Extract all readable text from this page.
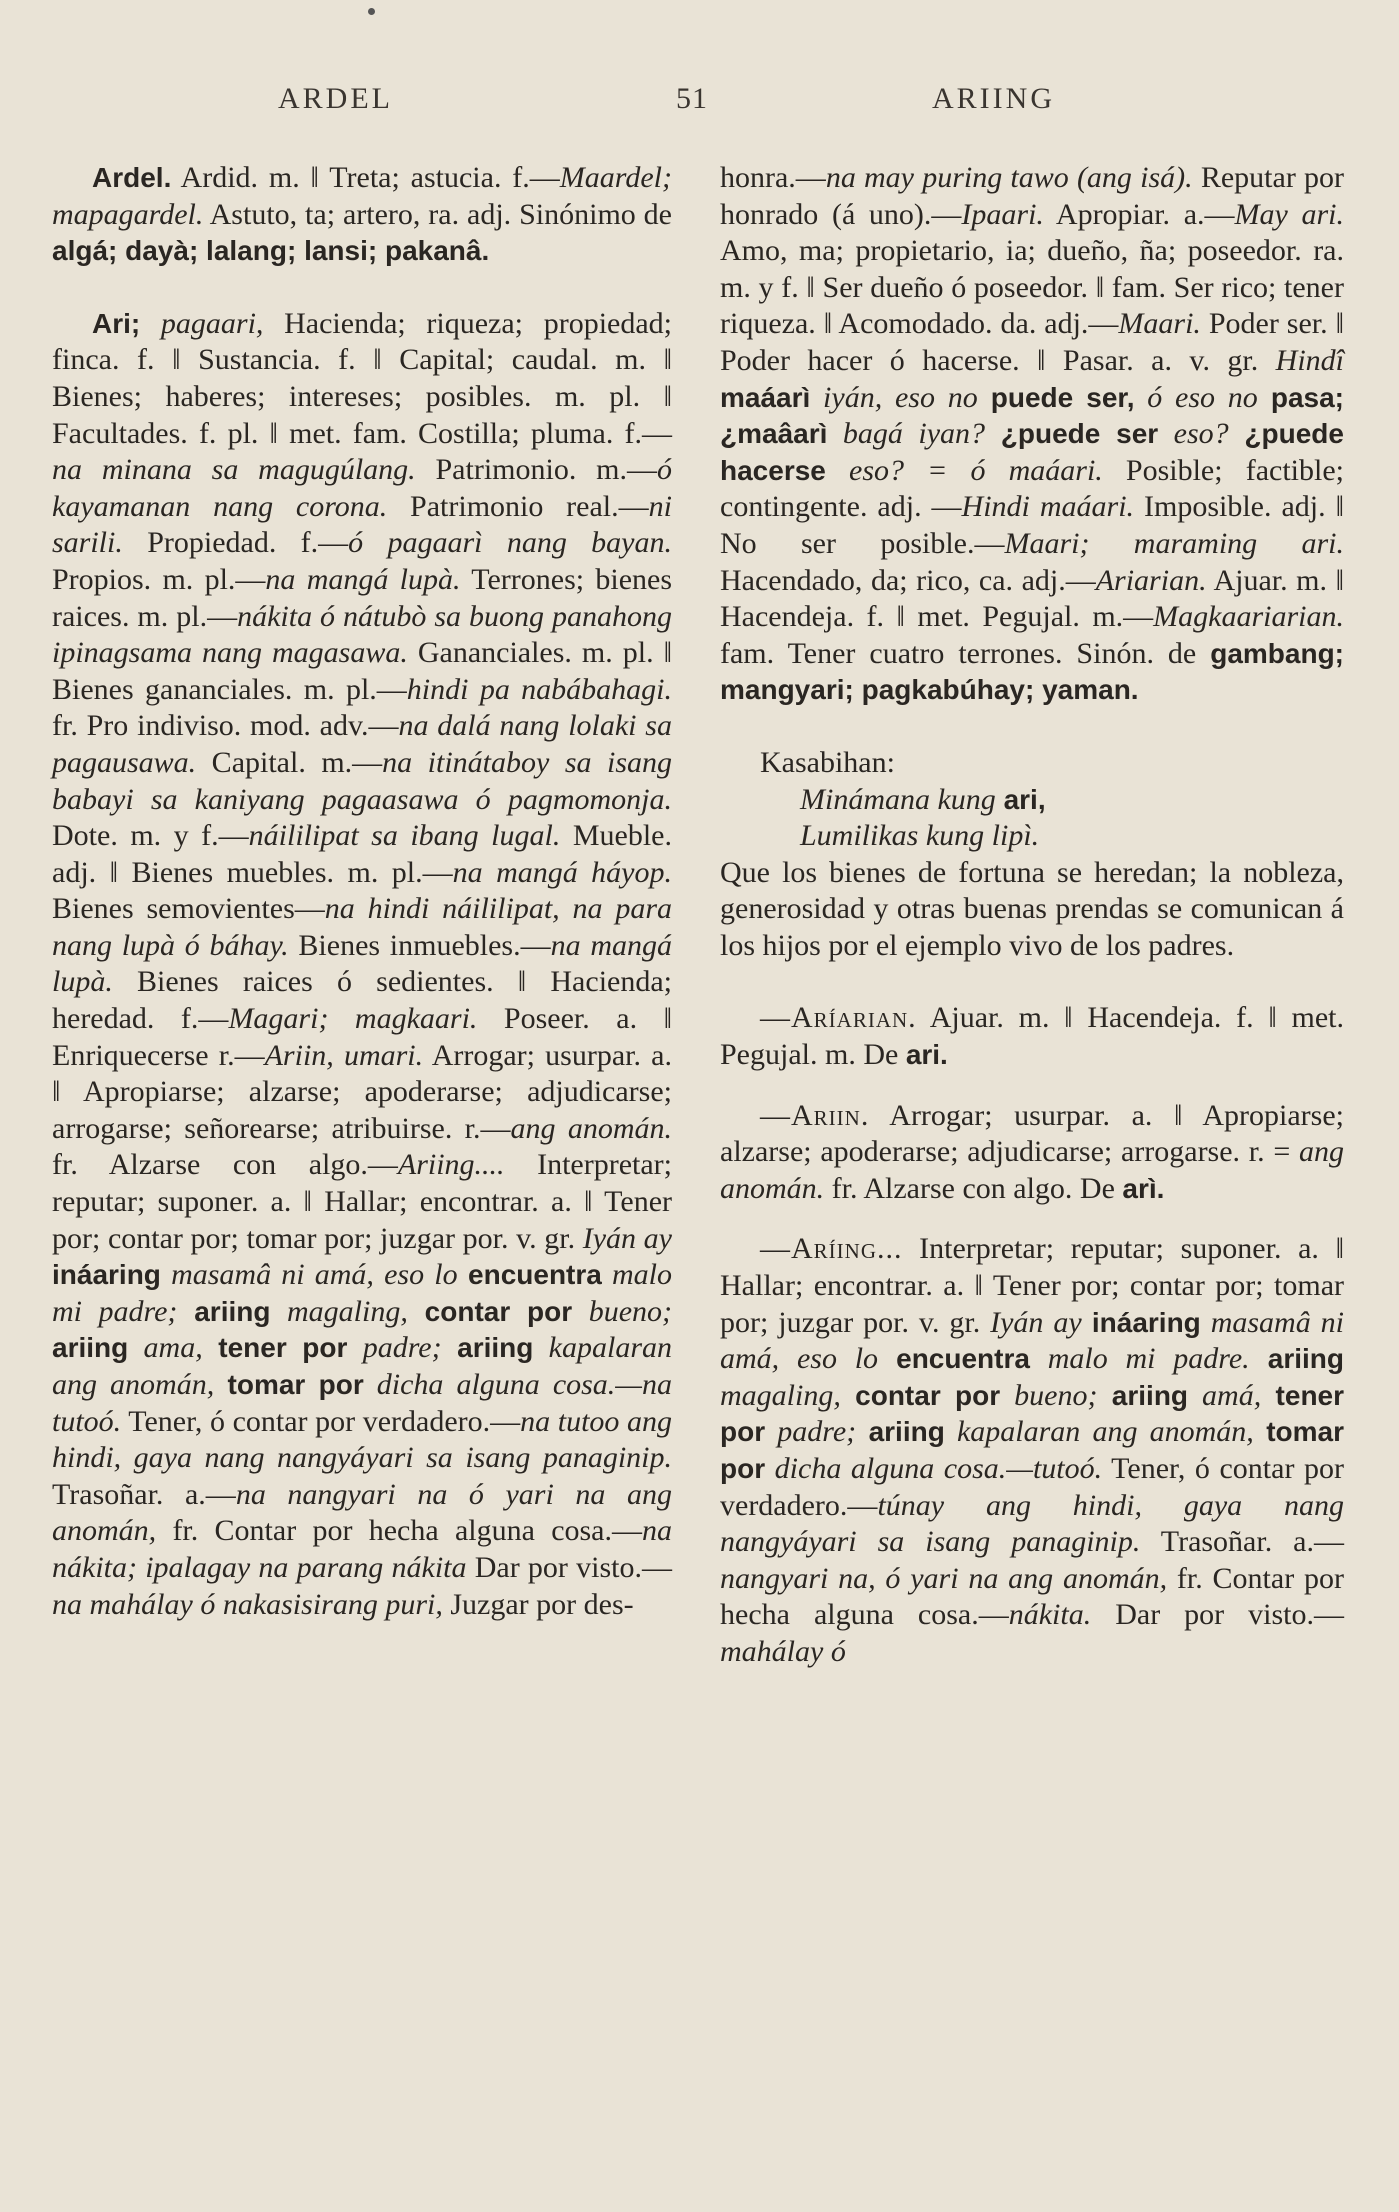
ARDEL	51	ARIING

Ardel. Ardid. m. ‖ Treta; astucia. f.—Maardel; mapagardel. Astuto, ta; artero, ra. adj. Sinónimo de algá; dayà; lalang; lansi; pakanâ.

Ari; pagaari, Hacienda; riqueza; propiedad; finca. f. ‖ Sustancia. f. ‖ Capital; caudal. m. ‖ Bienes; haberes; intereses; posibles. m. pl. ‖ Facultades. f. pl. ‖ met. fam. Costilla; pluma. f.—na minana sa magugúlang. Patrimonio. m.—ó kayamanan nang corona. Patrimonio real.—ni sarili. Propiedad. f.—ó pagaarì nang bayan. Propios. m. pl.—na mangá lupà. Terrones; bienes raices. m. pl.—nákita ó nátubò sa buong panahong ipinagsama nang magasawa. Gananciales. m. pl. ‖ Bienes gananciales. m. pl.—hindi pa nabábahagi. fr. Pro indiviso. mod. adv.—na dalá nang lolaki sa pagausawa. Capital. m.—na itinátaboy sa isang babayi sa kaniyang pagaasawa ó pagmomonja. Dote. m. y f.—náililipat sa ibang lugal. Mueble. adj. ‖ Bienes muebles. m. pl.—na mangá háyop. Bienes semovientes—na hindi náililipat, na para nang lupà ó báhay. Bienes inmuebles.—na mangá lupà. Bienes raices ó sedientes. ‖ Hacienda; heredad. f.—Magari; magkaari. Poseer. a. ‖ Enriquecerse r.—Ariin, umari. Arrogar; usurpar. a. ‖ Apropiarse; alzarse; apoderarse; adjudicarse; arrogarse; señorearse; atribuirse. r.—ang anomán. fr. Alzarse con algo.—Ariing.... Interpretar; reputar; suponer. a. ‖ Hallar; encontrar. a. ‖ Tener por; contar por; tomar por; juzgar por. v. gr. Iyán ay ináaring masamâ ni amá, eso lo encuentra malo mi padre; ariing magaling, contar por bueno; ariing ama, tener por padre; ariing kapalaran ang anomán, tomar por dicha alguna cosa.—na tutoó. Tener, ó contar por verdadero.—na tutoo ang hindi, gaya nang nangyáyari sa isang panaginip. Trasoñar. a.—na nangyari na ó yari na ang anomán, fr. Contar por hecha alguna cosa.—na nákita; ipalagay na parang nákita Dar por visto.—na mahálay ó nakasisirang puri, Juzgar por des-

honra.—na may puring tawo (ang isá). Reputar por honrado (á uno).—Ipaari. Apropiar. a.—May ari. Amo, ma; propietario, ia; dueño, ña; poseedor. ra. m. y f. ‖ Ser dueño ó poseedor. ‖ fam. Ser rico; tener riqueza. ‖ Acomodado. da. adj.—Maari. Poder ser. ‖ Poder hacer ó hacerse. ‖ Pasar. a. v. gr. Hindî maáarì iyán, eso no puede ser, ó eso no pasa; ¿maâarì bagá iyan? ¿puede ser eso? ¿puede hacerse eso? = ó maáari. Posible; factible; contingente. adj. —Hindi maáari. Imposible. adj. ‖ No ser posible.—Maari; maraming ari. Hacendado, da; rico, ca. adj.—Ariarian. Ajuar. m. ‖ Hacendeja. f. ‖ met. Pegujal. m.—Magkaariarian. fam. Tener cuatro terrones. Sinón. de gambang; mangyari; pagkabúhay; yaman.

Kasabihan:

Minámana kung ari,

Lumilikas kung lipì.

Que los bienes de fortuna se heredan; la nobleza, generosidad y otras buenas prendas se comunican á los hijos por el ejemplo vivo de los padres.

—Aríarian. Ajuar. m. ‖ Hacendeja. f. ‖ met. Pegujal. m. De ari.

—Ariin. Arrogar; usurpar. a. ‖ Apropiarse; alzarse; apoderarse; adjudicarse; arrogarse. r. = ang anomán. fr. Alzarse con algo. De arì.

—Aríing... Interpretar; reputar; suponer. a. ‖ Hallar; encontrar. a. ‖ Tener por; contar por; tomar por; juzgar por. v. gr. Iyán ay ináaring masamâ ni amá, eso lo encuentra malo mi padre. ariing magaling, contar por bueno; ariing amá, tener por padre; ariing kapalaran ang anomán, tomar por dicha alguna cosa.—tutoó. Tener, ó contar por verdadero.—túnay ang hindi, gaya nang nangyáyari sa isang panaginip. Trasoñar. a.—nangyari na, ó yari na ang anomán, fr. Contar por hecha alguna cosa.—nákita. Dar por visto.—mahálay ó
